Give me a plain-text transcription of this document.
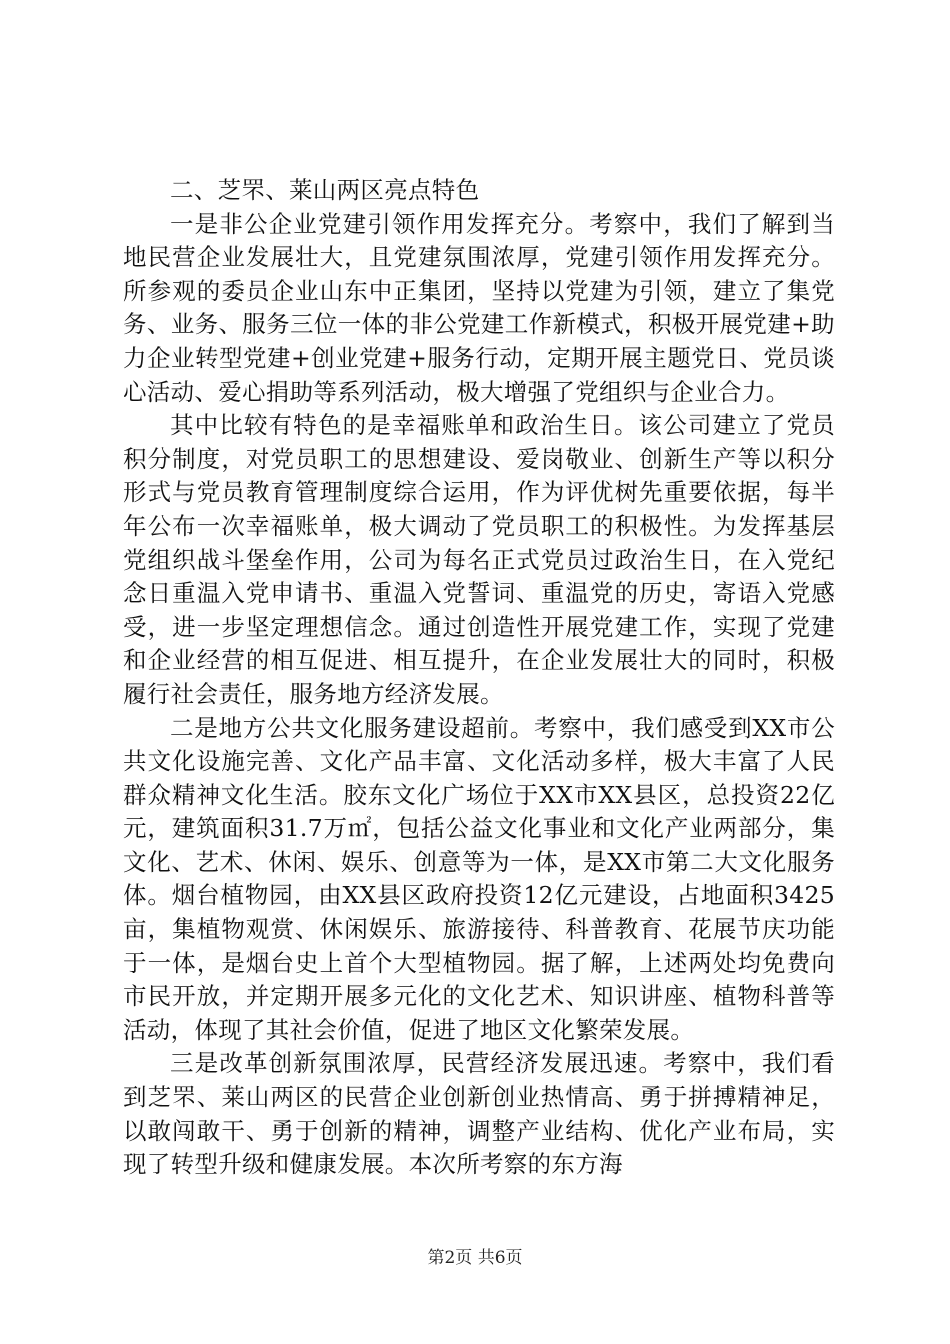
二、芝罘、莱山两区亮点特色

一是非公企业党建引领作用发挥充分。考察中，我们了解到当地民营企业发展壮大，且党建氛围浓厚，党建引领作用发挥充分。所参观的委员企业山东中正集团，坚持以党建为引领，建立了集党务、业务、服务三位一体的非公党建工作新模式，积极开展党建+助力企业转型党建+创业党建+服务行动，定期开展主题党日、党员谈心活动、爱心捐助等系列活动，极大增强了党组织与企业合力。

其中比较有特色的是幸福账单和政治生日。该公司建立了党员积分制度，对党员职工的思想建设、爱岗敬业、创新生产等以积分形式与党员教育管理制度综合运用，作为评优树先重要依据，每半年公布一次幸福账单，极大调动了党员职工的积极性。为发挥基层党组织战斗堡垒作用，公司为每名正式党员过政治生日，在入党纪念日重温入党申请书、重温入党誓词、重温党的历史，寄语入党感受，进一步坚定理想信念。通过创造性开展党建工作，实现了党建和企业经营的相互促进、相互提升，在企业发展壮大的同时，积极履行社会责任，服务地方经济发展。

二是地方公共文化服务建设超前。考察中，我们感受到XX市公共文化设施完善、文化产品丰富、文化活动多样，极大丰富了人民群众精神文化生活。胶东文化广场位于XX市XX县区，总投资22亿元，建筑面积31.7万㎡，包括公益文化事业和文化产业两部分，集文化、艺术、休闲、娱乐、创意等为一体，是XX市第二大文化服务体。烟台植物园，由XX县区政府投资12亿元建设，占地面积3425亩，集植物观赏、休闲娱乐、旅游接待、科普教育、花展节庆功能于一体，是烟台史上首个大型植物园。据了解，上述两处均免费向市民开放，并定期开展多元化的文化艺术、知识讲座、植物科普等活动，体现了其社会价值，促进了地区文化繁荣发展。

三是改革创新氛围浓厚，民营经济发展迅速。考察中，我们看到芝罘、莱山两区的民营企业创新创业热情高、勇于拼搏精神足，以敢闯敢干、勇于创新的精神，调整产业结构、优化产业布局，实现了转型升级和健康发展。本次所考察的东方海

第2页 共6页
